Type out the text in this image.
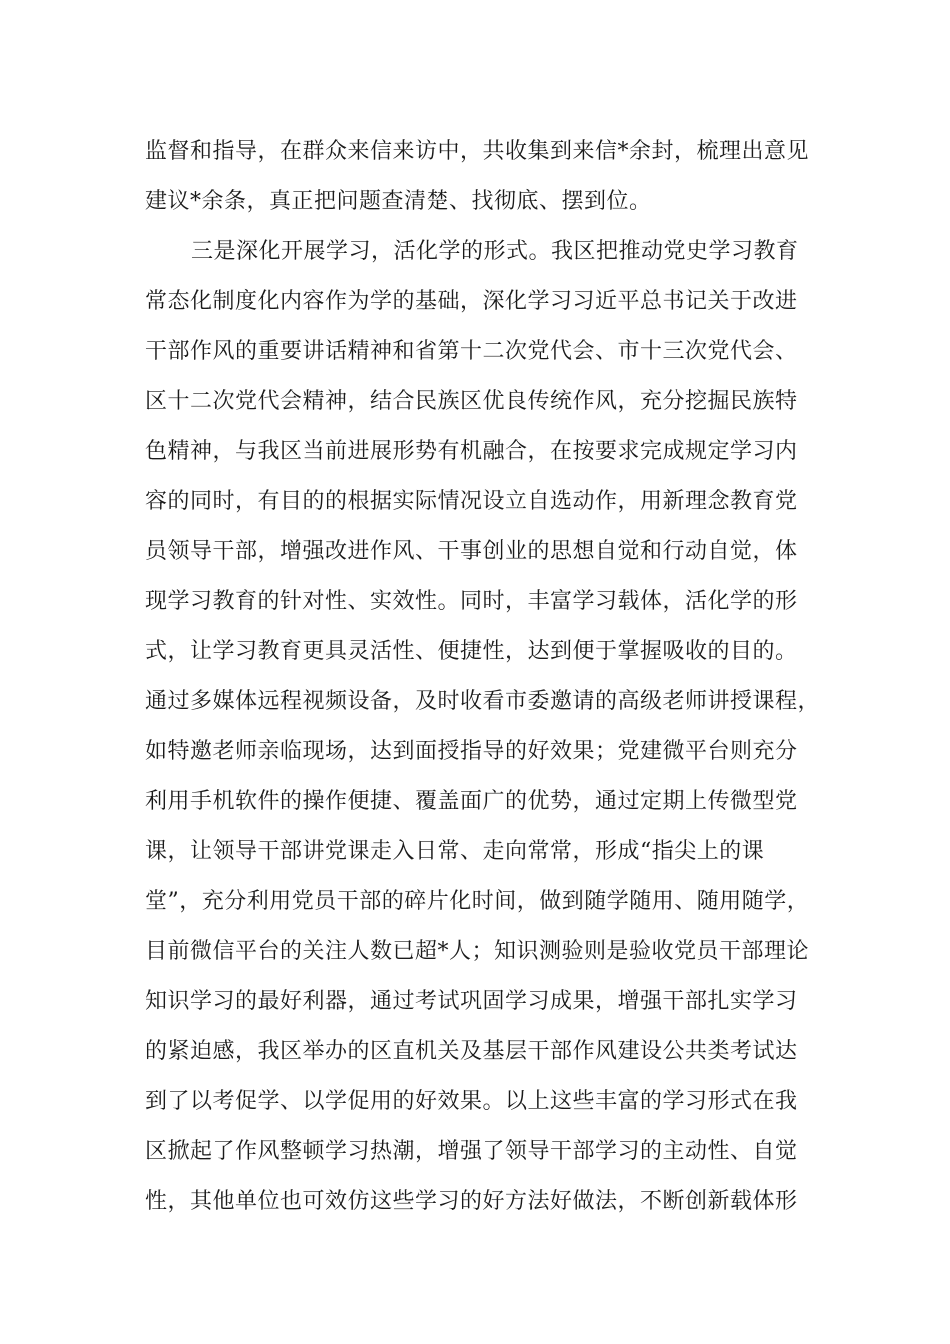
监督和指导，在群众来信来访中，共收集到来信*余封，梳理出意见
建议*余条，真正把问题查清楚、找彻底、摆到位。
三是深化开展学习，活化学的形式。我区把推动党史学习教育
常态化制度化内容作为学的基础，深化学习习近平总书记关于改进
干部作风的重要讲话精神和省第十二次党代会、市十三次党代会、
区十二次党代会精神，结合民族区优良传统作风，充分挖掘民族特
色精神，与我区当前进展形势有机融合，在按要求完成规定学习内
容的同时，有目的的根据实际情况设立自选动作，用新理念教育党
员领导干部，增强改进作风、干事创业的思想自觉和行动自觉，体
现学习教育的针对性、实效性。同时，丰富学习载体，活化学的形
式，让学习教育更具灵活性、便捷性，达到便于掌握吸收的目的。
通过多媒体远程视频设备，及时收看市委邀请的高级老师讲授课程，
如特邀老师亲临现场，达到面授指导的好效果；党建微平台则充分
利用手机软件的操作便捷、覆盖面广的优势，通过定期上传微型党
课，让领导干部讲党课走入日常、走向常常，形成“指尖上的课
堂”，充分利用党员干部的碎片化时间，做到随学随用、随用随学，
目前微信平台的关注人数已超*人；知识测验则是验收党员干部理论
知识学习的最好利器，通过考试巩固学习成果，增强干部扎实学习
的紧迫感，我区举办的区直机关及基层干部作风建设公共类考试达
到了以考促学、以学促用的好效果。以上这些丰富的学习形式在我
区掀起了作风整顿学习热潮，增强了领导干部学习的主动性、自觉
性，其他单位也可效仿这些学习的好方法好做法，不断创新载体形
